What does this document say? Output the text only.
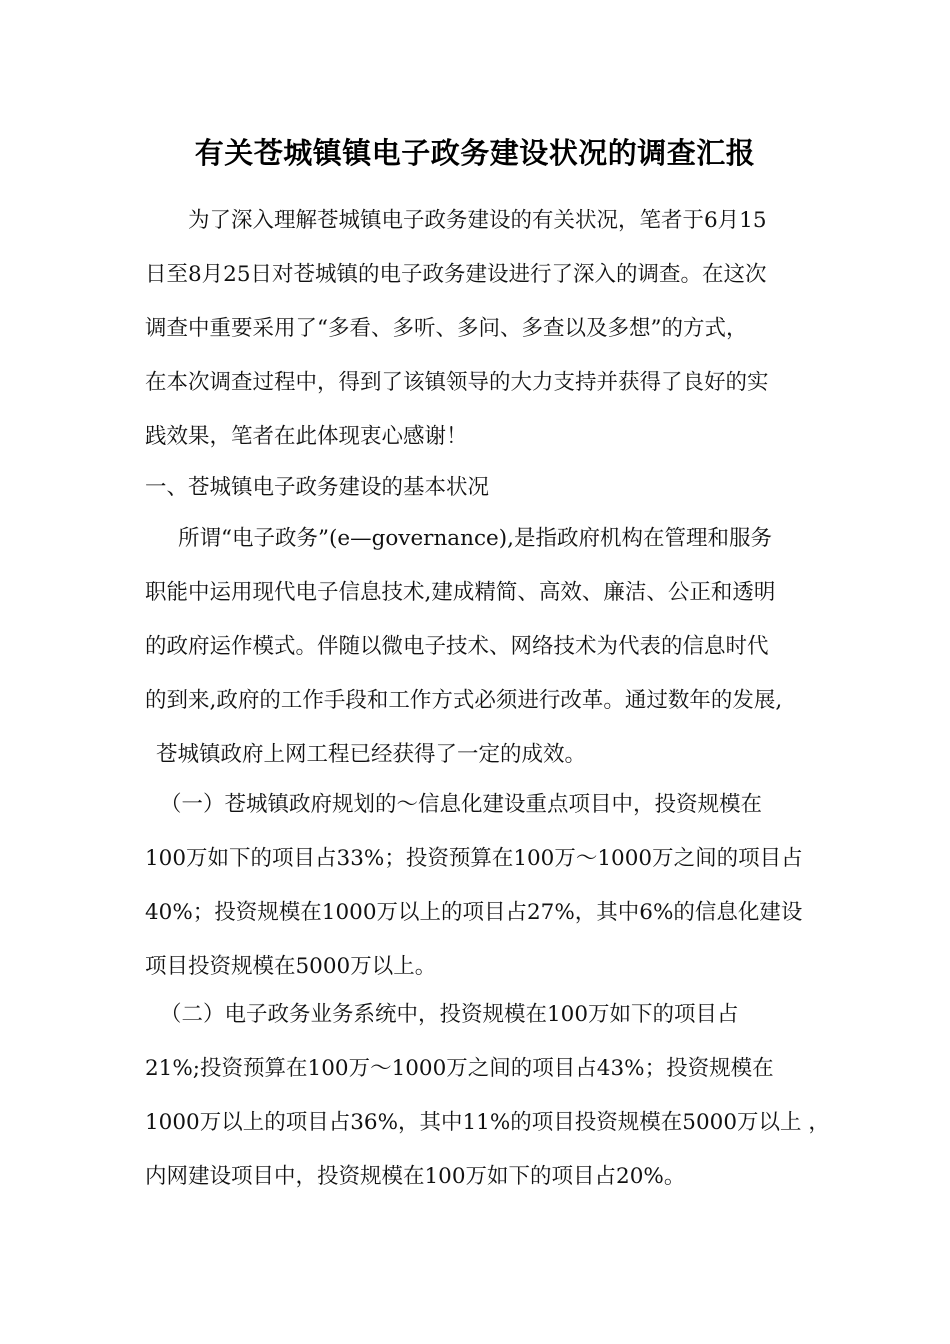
有关苍城镇镇电子政务建设状况的调查汇报
为了深入理解苍城镇电子政务建设的有关状况，笔者于6月15
日至8月25日对苍城镇的电子政务建设进行了深入的调查。在这次
调查中重要采用了“多看、多听、多问、多查以及多想”的方式，
在本次调查过程中，得到了该镇领导的大力支持并获得了良好的实
践效果，笔者在此体现衷心感谢！
一、苍城镇电子政务建设的基本状况
所谓“电子政务”(e—governance),是指政府机构在管理和服务
职能中运用现代电子信息技术,建成精简、高效、廉洁、公正和透明
的政府运作模式。伴随以微电子技术、网络技术为代表的信息时代
的到来,政府的工作手段和工作方式必须进行改革。通过数年的发展,
苍城镇政府上网工程已经获得了一定的成效。
（一）苍城镇政府规划的～信息化建设重点项目中，投资规模在
100万如下的项目占33%；投资预算在100万～1000万之间的项目占
40%；投资规模在1000万以上的项目占27%，其中6%的信息化建设
项目投资规模在5000万以上。
（二）电子政务业务系统中，投资规模在100万如下的项目占
21%;投资预算在100万～1000万之间的项目占43%；投资规模在
1000万以上的项目占36%，其中11%的项目投资规模在5000万以上 ，
内网建设项目中，投资规模在100万如下的项目占20%。
